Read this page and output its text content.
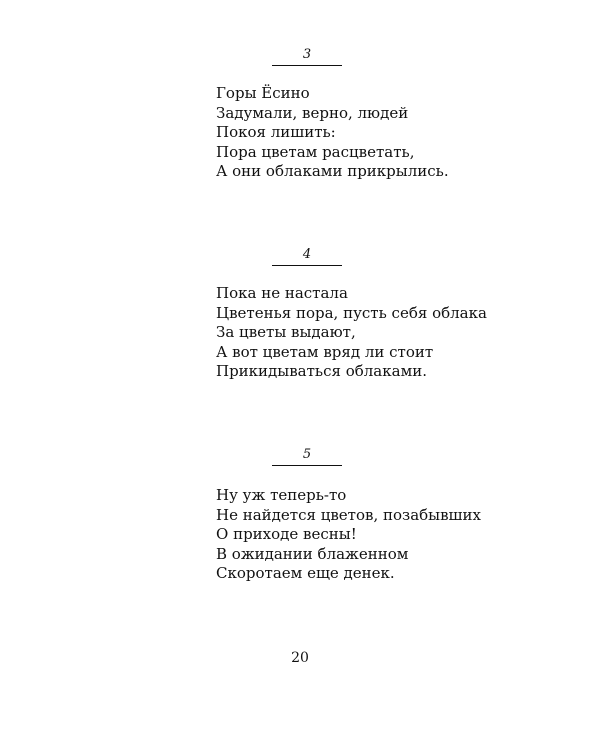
3
Горы Ёсино
Задумали, верно, людей
Покоя лишить:
Пора цветам расцветать,
А они облаками прикрылись.
4
Пока не настала
Цветенья пора, пусть себя облака
За цветы выдают,
А вот цветам вряд ли стоит
Прикидываться облаками.
5
Ну уж теперь-то
Не найдется цветов, позабывших
О приходе весны!
В ожидании блаженном
Скоротаем еще денек.
20
